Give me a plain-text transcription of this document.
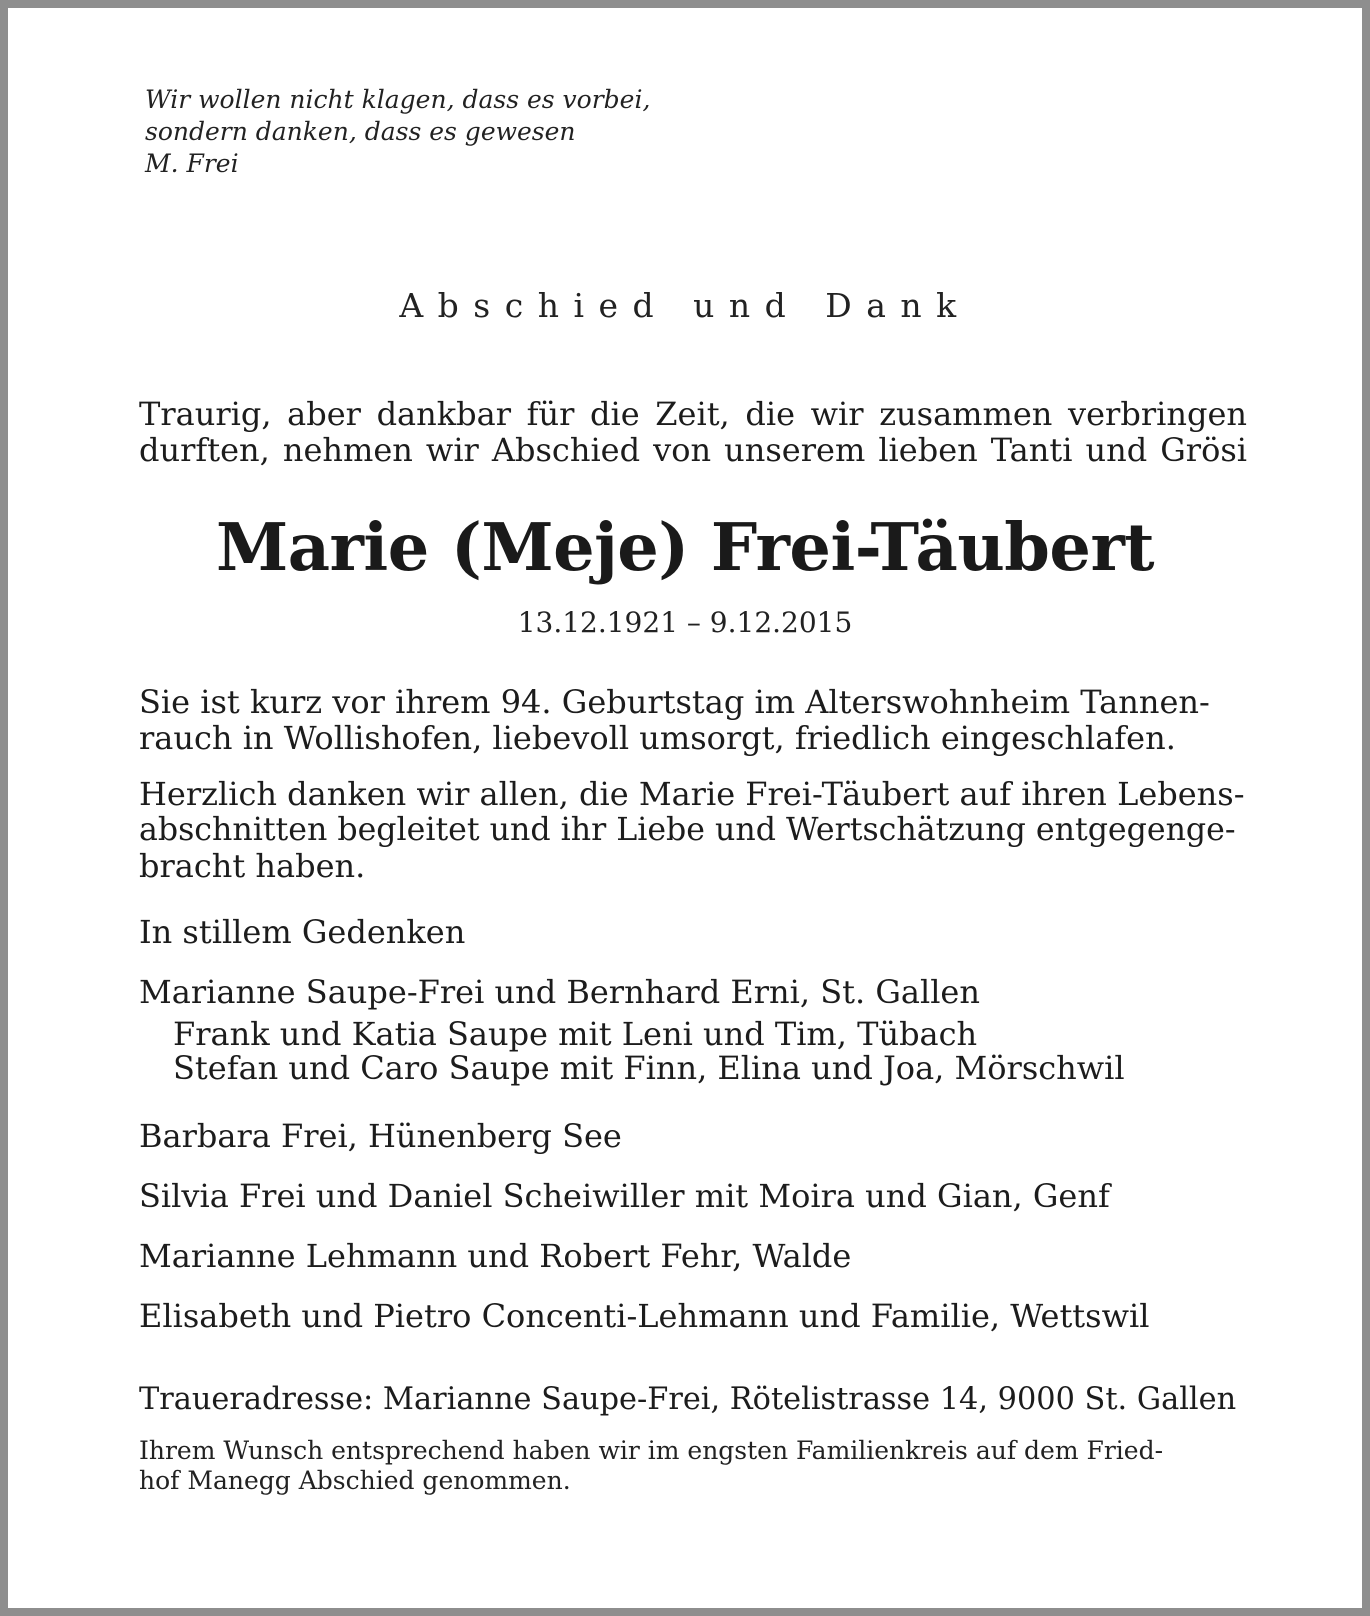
Wir wollen nicht klagen, dass es vorbei,
sondern danken, dass es gewesen
M. Frei
Abschied und Dank
Traurig, aber dankbar für die Zeit, die wir zusammen verbringen
durften, nehmen wir Abschied von unserem lieben Tanti und Grösi
Marie (Meje) Frei-Täubert
13.12.1921 – 9.12.2015
Sie ist kurz vor ihrem 94. Geburtstag im Alterswohnheim Tannen-
rauch in Wollishofen, liebevoll umsorgt, friedlich eingeschlafen.
Herzlich danken wir allen, die Marie Frei-Täubert auf ihren Lebens-
abschnitten begleitet und ihr Liebe und Wertschätzung entgegenge-
bracht haben.
In stillem Gedenken
Marianne Saupe-Frei und Bernhard Erni, St. Gallen
Frank und Katia Saupe mit Leni und Tim, Tübach
Stefan und Caro Saupe mit Finn, Elina und Joa, Mörschwil
Barbara Frei, Hünenberg See
Silvia Frei und Daniel Scheiwiller mit Moira und Gian, Genf
Marianne Lehmann und Robert Fehr, Walde
Elisabeth und Pietro Concenti-Lehmann und Familie, Wettswil
Traueradresse: Marianne Saupe-Frei, Rötelistrasse 14, 9000 St. Gallen
Ihrem Wunsch entsprechend haben wir im engsten Familienkreis auf dem Fried-
hof Manegg Abschied genommen.
